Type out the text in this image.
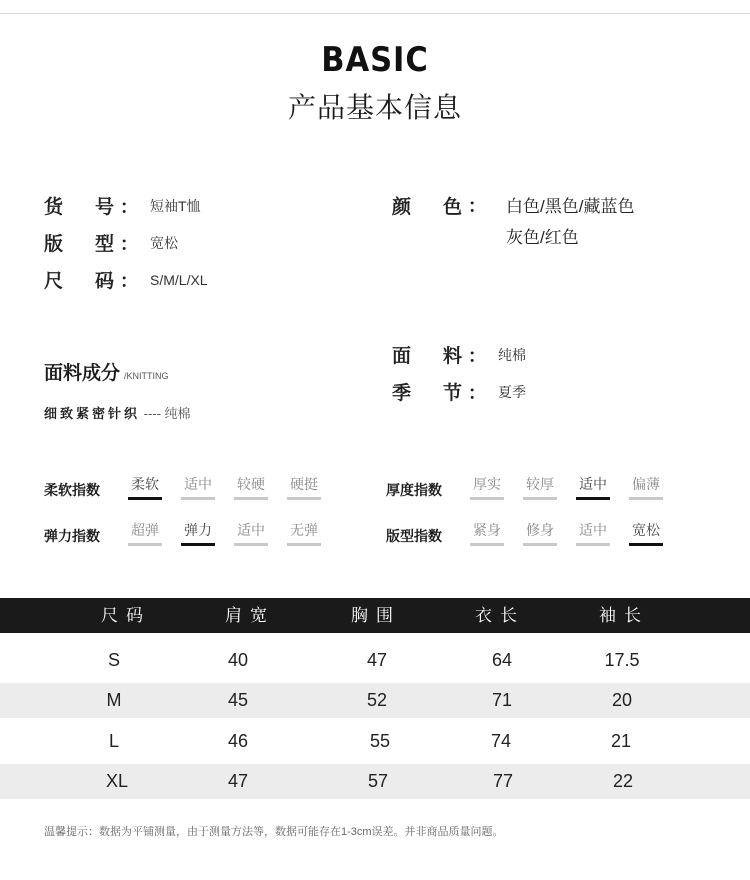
BASIC
产品基本信息
货 号 ： 短袖T恤
版 型 ： 宽松
尺 码 ： S/M/L/XL
颜 色 ： 白色/黑色/藏蓝色
灰色/红色
面 料 ： 纯棉
季 节 ： 夏季
面料成分 /KNITTING
细致紧密针织 ---- 纯棉
柔软指数	柔软 适中 较硬 硬挺	厚度指数	厚实 较厚 适中 偏薄
弹力指数	超弹 弹力 适中 无弹	版型指数	紧身 修身 适中 宽松
尺码	肩宽	胸围	衣长	袖长
S	40	47	64	17.5
M	45	52	71	20
L	46	55	74	21
XL	47	57	77	22
温馨提示：数据为平铺测量，由于测量方法等，数据可能存在1-3cm误差。并非商品质量问题。
